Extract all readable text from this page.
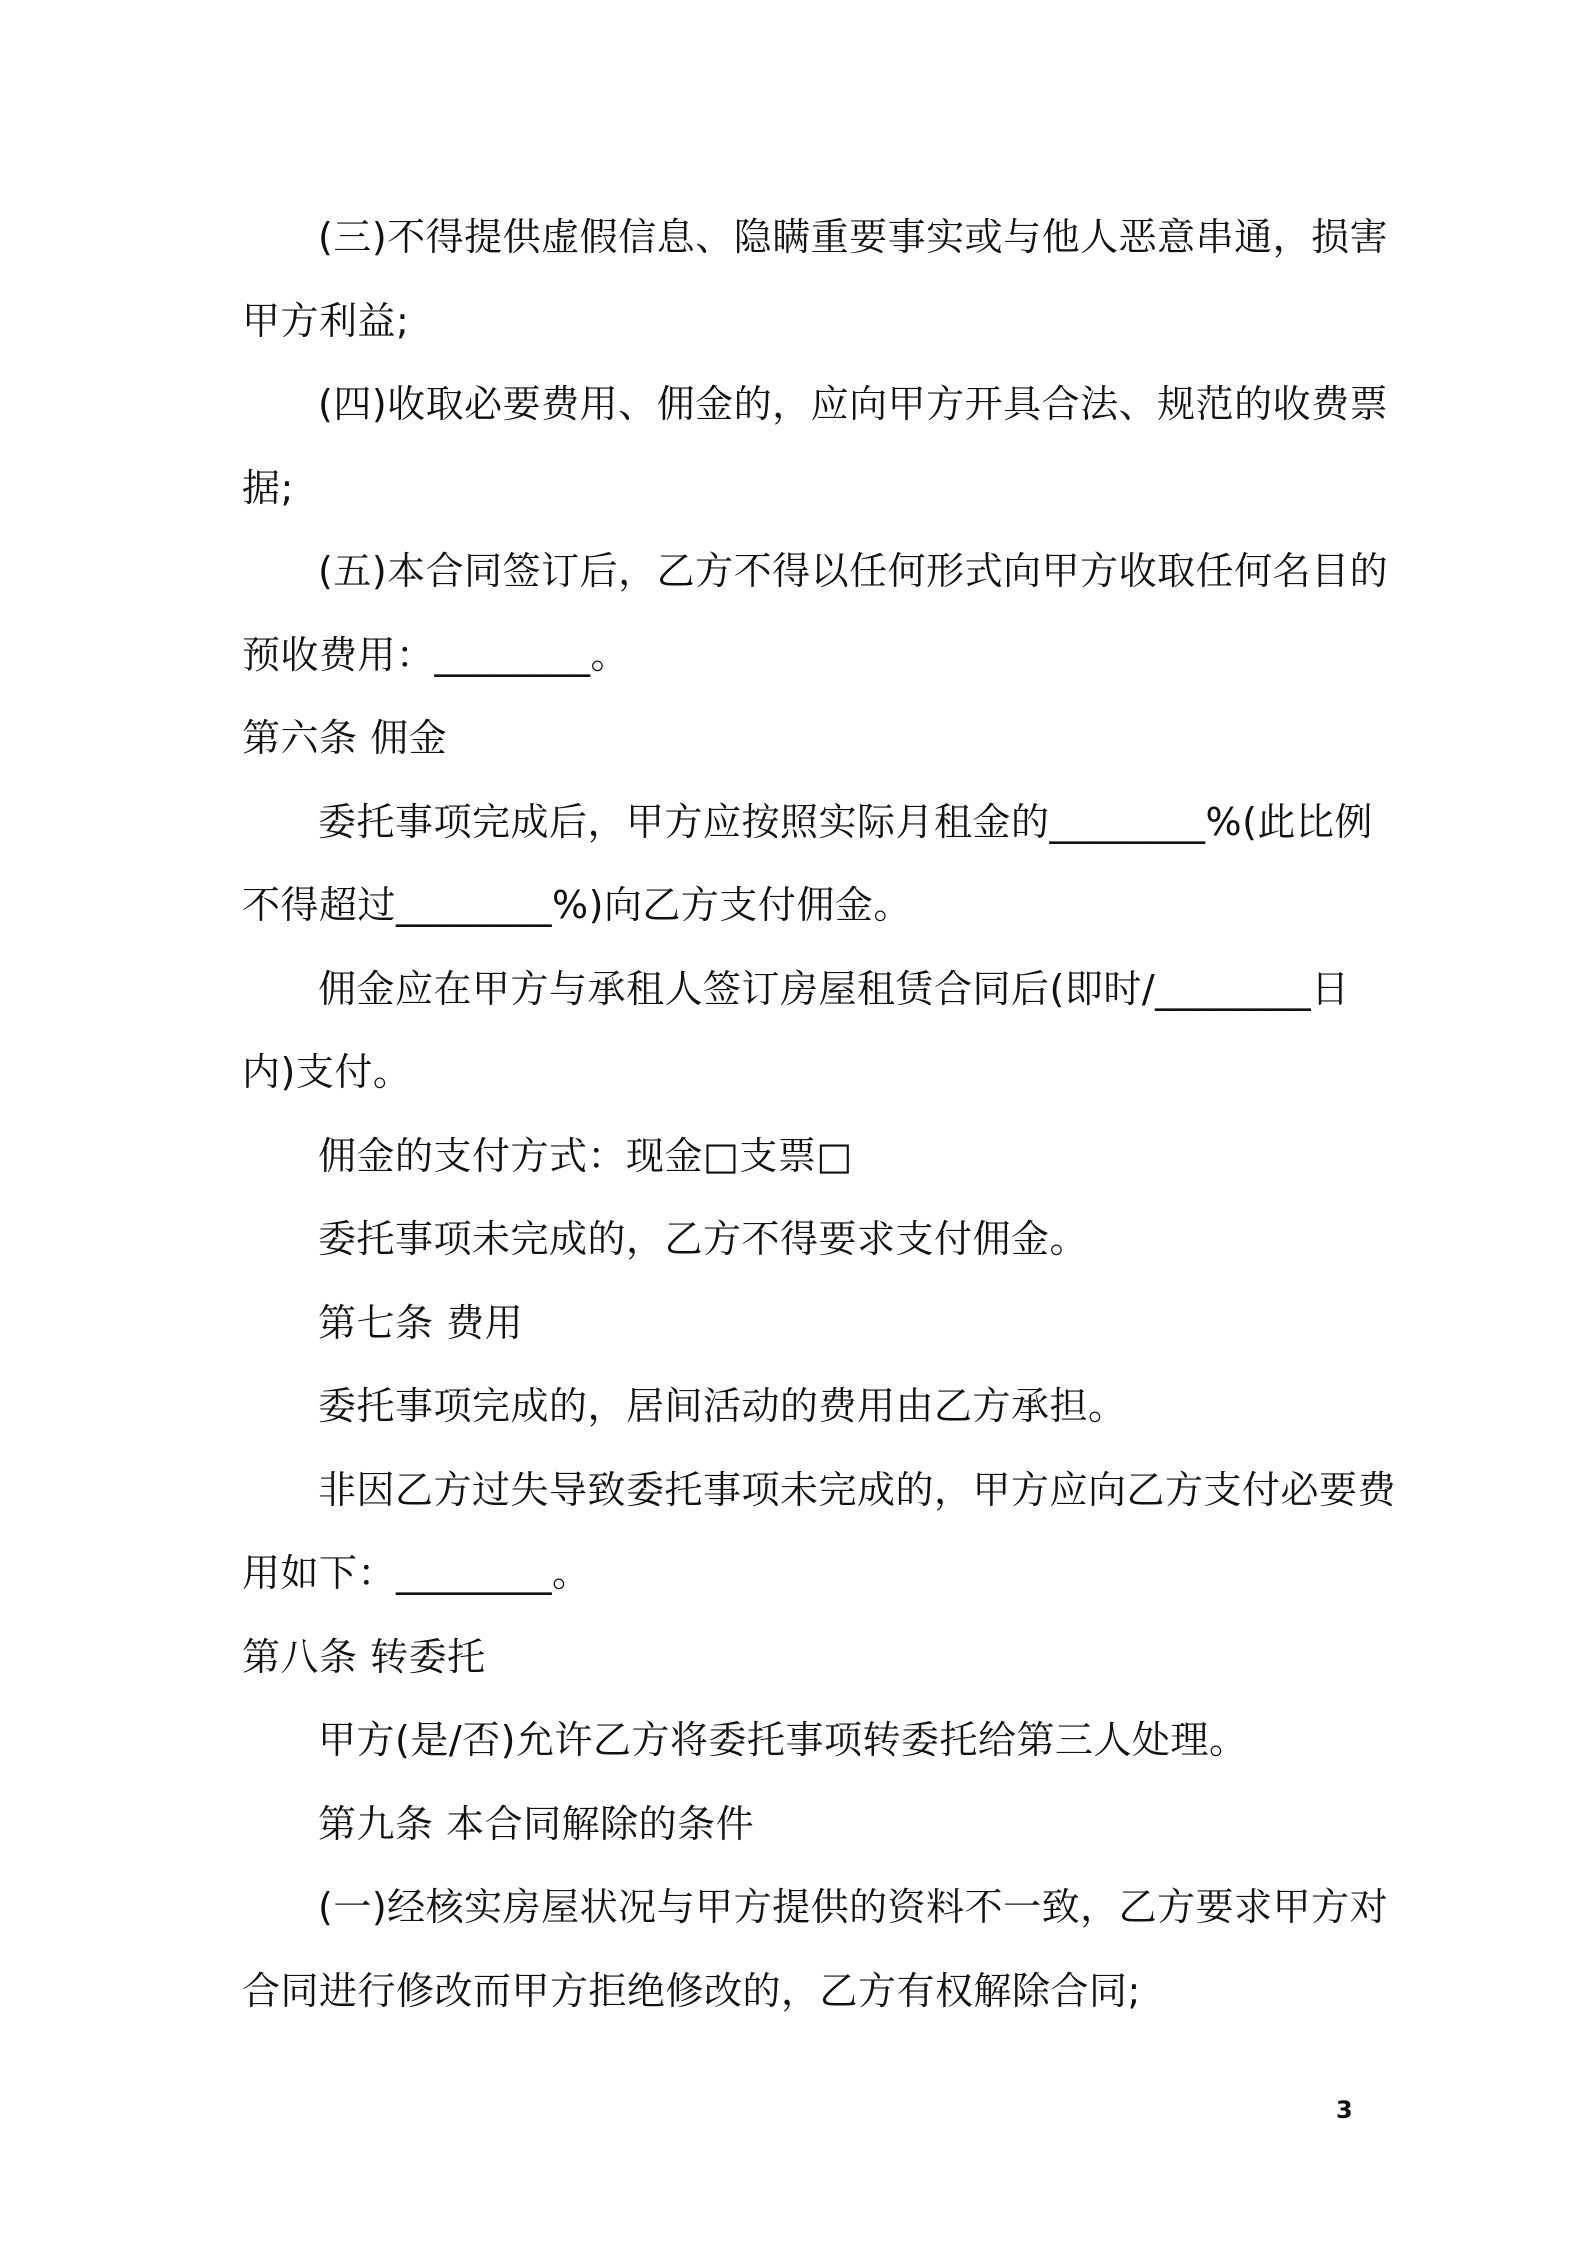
(三)不得提供虚假信息、隐瞒重要事实或与他人恶意串通，损害
甲方利益;
(四)收取必要费用、佣金的，应向甲方开具合法、规范的收费票
据;
(五)本合同签订后，乙方不得以任何形式向甲方收取任何名目的
预收费用：________。
第六条 佣金
委托事项完成后，甲方应按照实际月租金的________%(此比例
不得超过________%)向乙方支付佣金。
佣金应在甲方与承租人签订房屋租赁合同后(即时/________日
内)支付。
佣金的支付方式：现金□支票□
委托事项未完成的，乙方不得要求支付佣金。
第七条 费用
委托事项完成的，居间活动的费用由乙方承担。
非因乙方过失导致委托事项未完成的，甲方应向乙方支付必要费
用如下：________。
第八条 转委托
甲方(是/否)允许乙方将委托事项转委托给第三人处理。
第九条 本合同解除的条件
(一)经核实房屋状况与甲方提供的资料不一致，乙方要求甲方对
合同进行修改而甲方拒绝修改的，乙方有权解除合同;
3
